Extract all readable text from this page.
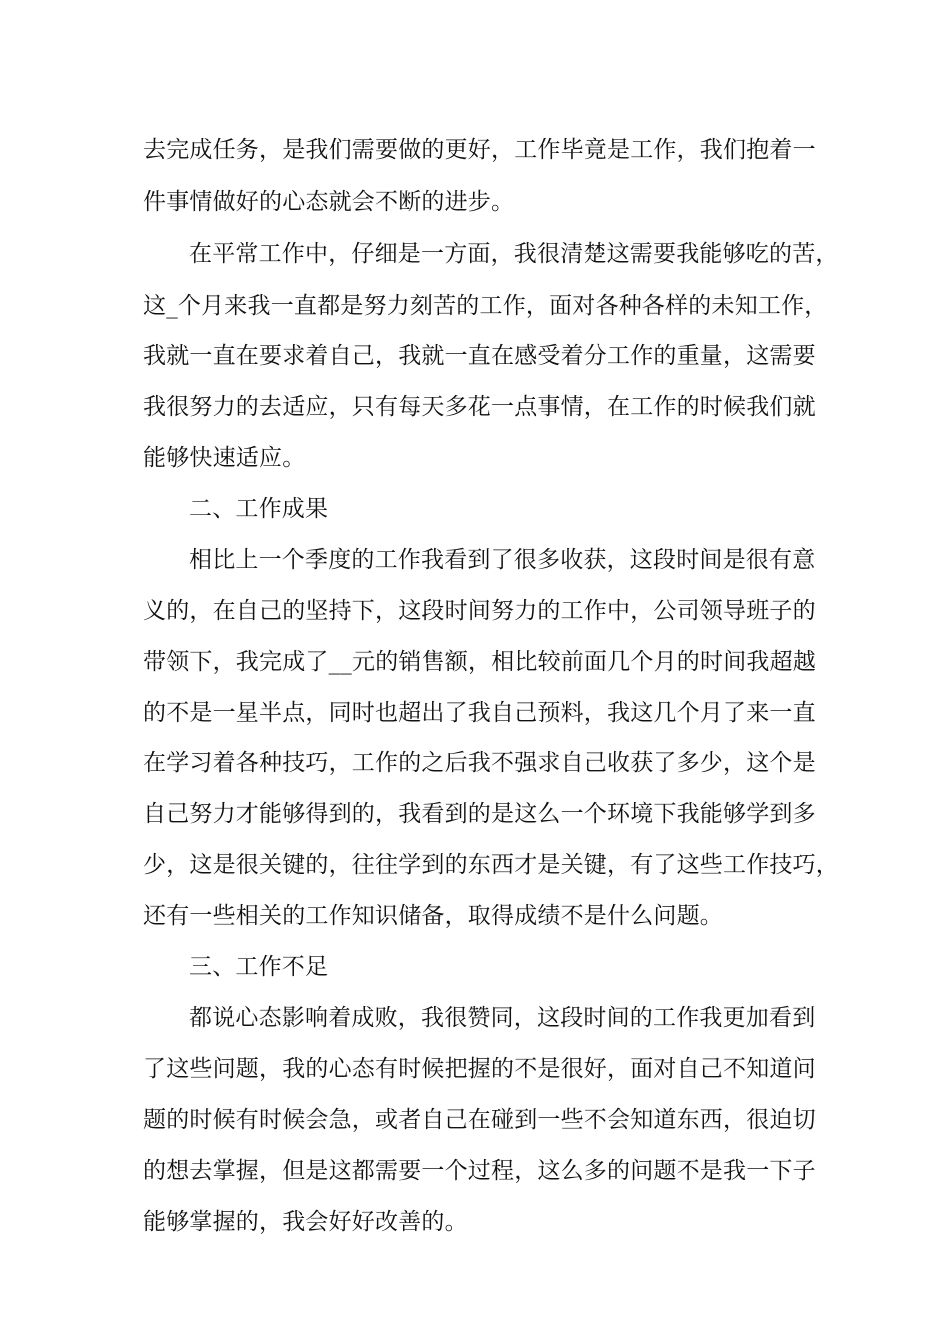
去完成任务，是我们需要做的更好，工作毕竟是工作，我们抱着一
件事情做好的心态就会不断的进步。
在平常工作中，仔细是一方面，我很清楚这需要我能够吃的苦，
这_个月来我一直都是努力刻苦的工作，面对各种各样的未知工作，
我就一直在要求着自己，我就一直在感受着分工作的重量，这需要
我很努力的去适应，只有每天多花一点事情，在工作的时候我们就
能够快速适应。
二、工作成果
相比上一个季度的工作我看到了很多收获，这段时间是很有意
义的，在自己的坚持下，这段时间努力的工作中，公司领导班子的
带领下，我完成了__元的销售额，相比较前面几个月的时间我超越
的不是一星半点，同时也超出了我自己预料，我这几个月了来一直
在学习着各种技巧，工作的之后我不强求自己收获了多少，这个是
自己努力才能够得到的，我看到的是这么一个环境下我能够学到多
少，这是很关键的，往往学到的东西才是关键，有了这些工作技巧，
还有一些相关的工作知识储备，取得成绩不是什么问题。
三、工作不足
都说心态影响着成败，我很赞同，这段时间的工作我更加看到
了这些问题，我的心态有时候把握的不是很好，面对自己不知道问
题的时候有时候会急，或者自己在碰到一些不会知道东西，很迫切
的想去掌握，但是这都需要一个过程，这么多的问题不是我一下子
能够掌握的，我会好好改善的。
